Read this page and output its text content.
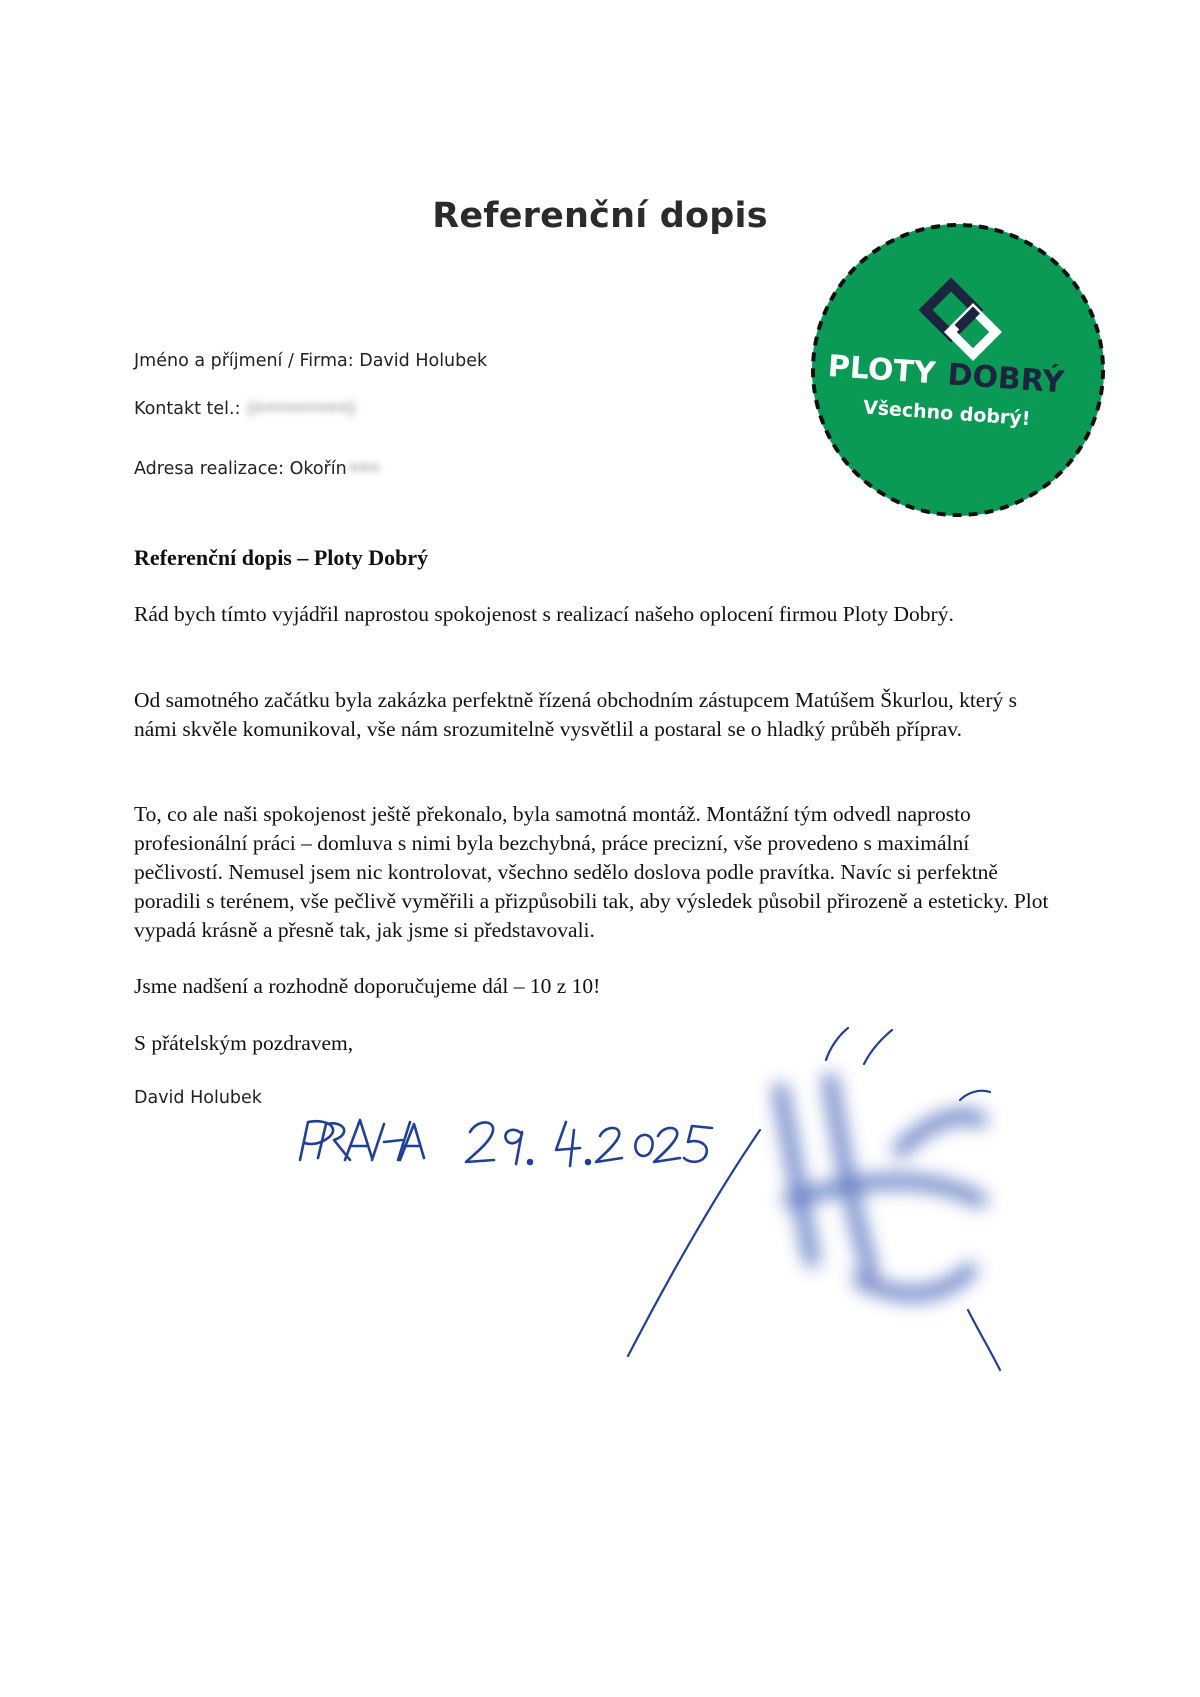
Referenční dopis
Jméno a příjmení / Firma: David Holubek
Kontakt tel.: (•••••••••)
Adresa realizace: Okořín •••
Referenční dopis – Ploty Dobrý
Rád bych tímto vyjádřil naprostou spokojenost s realizací našeho oplocení firmou Ploty Dobrý.
Od samotného začátku byla zakázka perfektně řízená obchodním zástupcem Matúšem Škurlou, který s námi skvěle komunikoval, vše nám srozumitelně vysvětlil a postaral se o hladký průběh příprav.
To, co ale naši spokojenost ještě překonalo, byla samotná montáž. Montážní tým odvedl naprosto profesionální práci – domluva s nimi byla bezchybná, práce precizní, vše provedeno s maximální pečlivostí. Nemusel jsem nic kontrolovat, všechno sedělo doslova podle pravítka. Navíc si perfektně poradili s terénem, vše pečlivě vyměřili a přizpůsobili tak, aby výsledek působil přirozeně a esteticky. Plot vypadá krásně a přesně tak, jak jsme si představovali.
Jsme nadšení a rozhodně doporučujeme dál – 10 z 10!
S přátelským pozdravem,
David Holubek
PLOTY DOBRÝ
Všechno dobrý!
